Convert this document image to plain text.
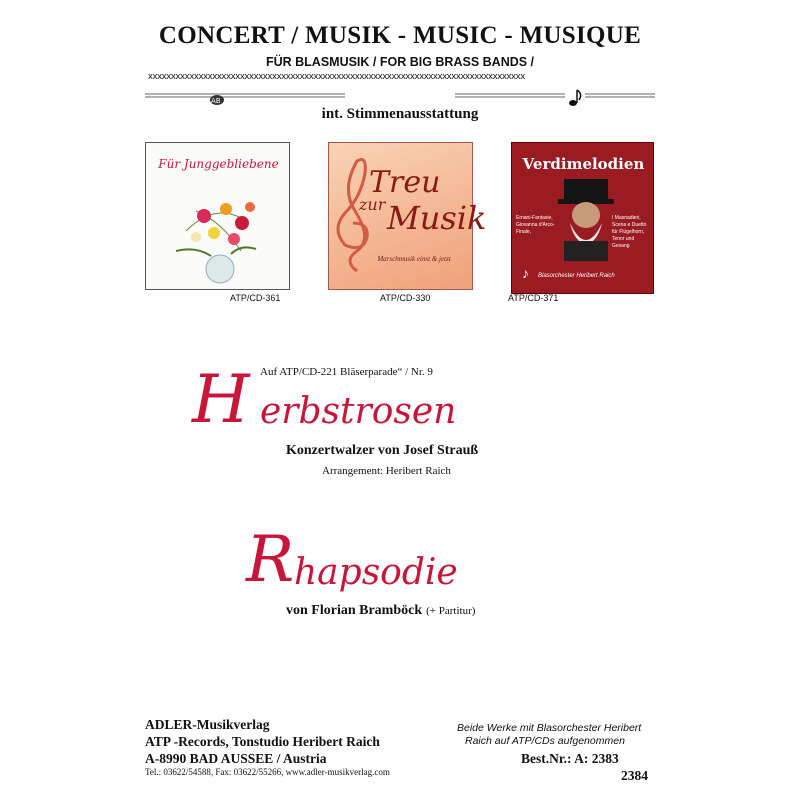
CONCERT / MUSIK - MUSIC - MUSIQUE
FÜR BLASMUSIK / FOR BIG BRASS BANDS /
xxxxxxxxxxxxxxxxxxxxxxxxxxxxxxxxxxxxxxxxxxxxxxxxxxxxxxxxxxxxxxxxxxxxxxxxxxxxxxxxxx
AB
int. Stimmenausstattung
Für Junggebliebene
ATP/CD-361
Treu
zur Musik
Marschmusik einst & jetzt
ATP/CD-330
Verdimelodien
Ernani-Fantasie, Giovanna d'Arco-Finale,
I Masnadieri, Scena e Duetto für Flügelhorn, Tenor und Gesang
♪ Blasorchester Heribert Raich
ATP/CD-371
Auf ATP/CD-221 Bläserparade“ / Nr. 9
H erbstrosen
Konzertwalzer von Josef Strauß
Arrangement: Heribert Raich
R hapsodie
von Florian Bramböck (+ Partitur)
ADLER-Musikverlag
ATP -Records, Tonstudio Heribert Raich
A-8990 BAD AUSSEE / Austria
Tel.: 03622/54588, Fax: 03622/55266, www.adler-musikverlag.com
Beide Werke mit Blasorchester Heribert
Raich auf ATP/CDs aufgenommen
Best.Nr.: A: 2383
2384
